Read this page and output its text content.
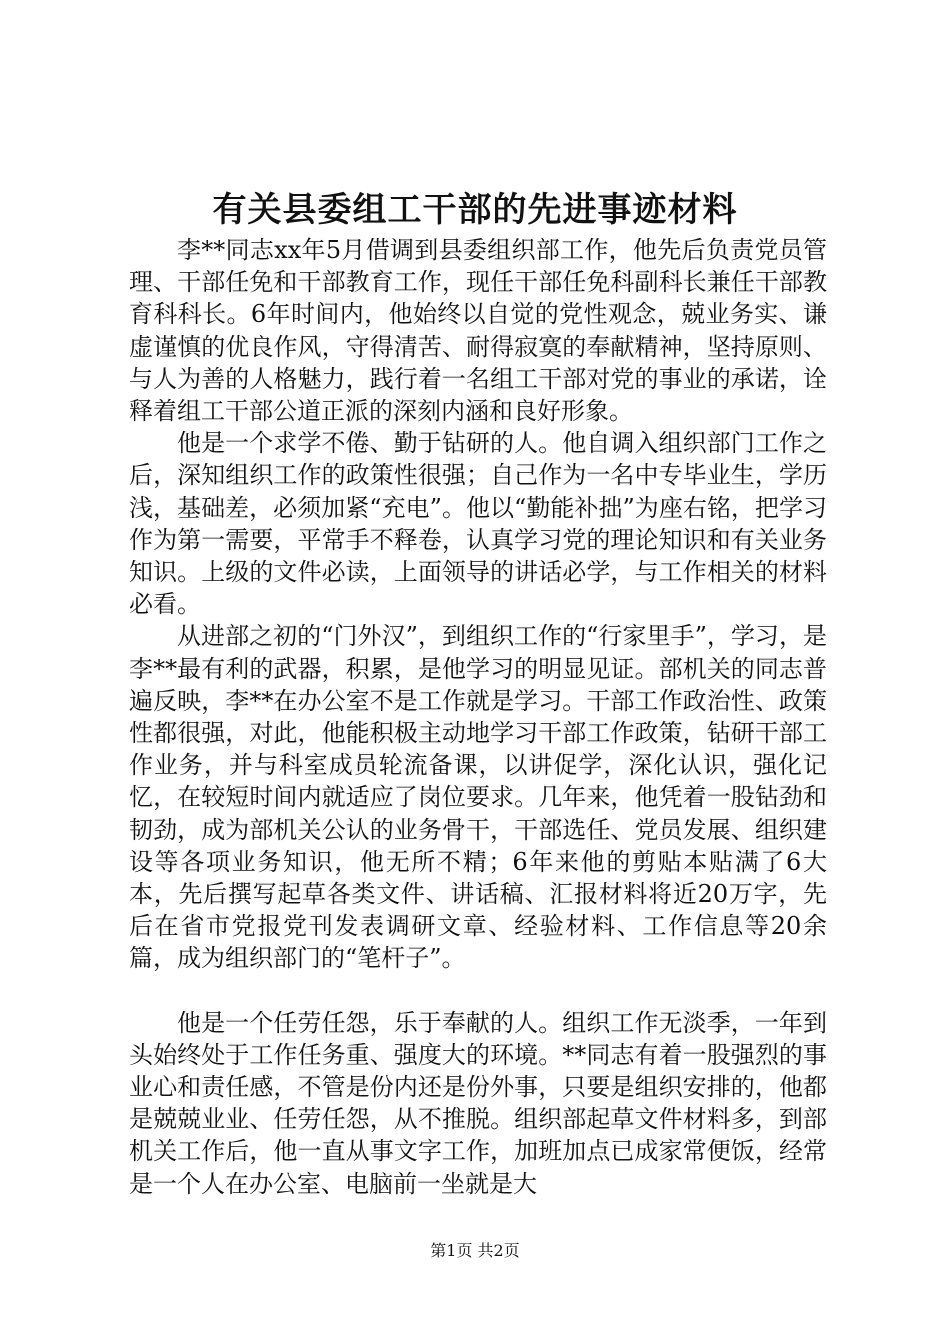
有关县委组工干部的先进事迹材料

李**同志xx年5月借调到县委组织部工作，他先后负责党员管理、干部任免和干部教育工作，现任干部任免科副科长兼任干部教育科科长。6年时间内，他始终以自觉的党性观念，兢业务实、谦虚谨慎的优良作风，守得清苦、耐得寂寞的奉献精神，坚持原则、与人为善的人格魅力，践行着一名组工干部对党的事业的承诺，诠释着组工干部公道正派的深刻内涵和良好形象。

他是一个求学不倦、勤于钻研的人。他自调入组织部门工作之后，深知组织工作的政策性很强；自己作为一名中专毕业生，学历浅，基础差，必须加紧“充电”。他以“勤能补拙”为座右铭，把学习作为第一需要，平常手不释卷，认真学习党的理论知识和有关业务知识。上级的文件必读，上面领导的讲话必学，与工作相关的材料必看。

从进部之初的“门外汉”，到组织工作的“行家里手”，学习，是李**最有利的武器，积累，是他学习的明显见证。部机关的同志普遍反映，李**在办公室不是工作就是学习。干部工作政治性、政策性都很强，对此，他能积极主动地学习干部工作政策，钻研干部工作业务，并与科室成员轮流备课，以讲促学，深化认识，强化记忆，在较短时间内就适应了岗位要求。几年来，他凭着一股钻劲和韧劲，成为部机关公认的业务骨干，干部选任、党员发展、组织建设等各项业务知识，他无所不精；6年来他的剪贴本贴满了6大本，先后撰写起草各类文件、讲话稿、汇报材料将近20万字，先后在省市党报党刊发表调研文章、经验材料、工作信息等20余篇，成为组织部门的“笔杆子”。

他是一个任劳任怨，乐于奉献的人。组织工作无淡季，一年到头始终处于工作任务重、强度大的环境。**同志有着一股强烈的事业心和责任感，不管是份内还是份外事，只要是组织安排的，他都是兢兢业业、任劳任怨，从不推脱。组织部起草文件材料多，到部机关工作后，他一直从事文字工作，加班加点已成家常便饭，经常是一个人在办公室、电脑前一坐就是大

第1页 共2页
